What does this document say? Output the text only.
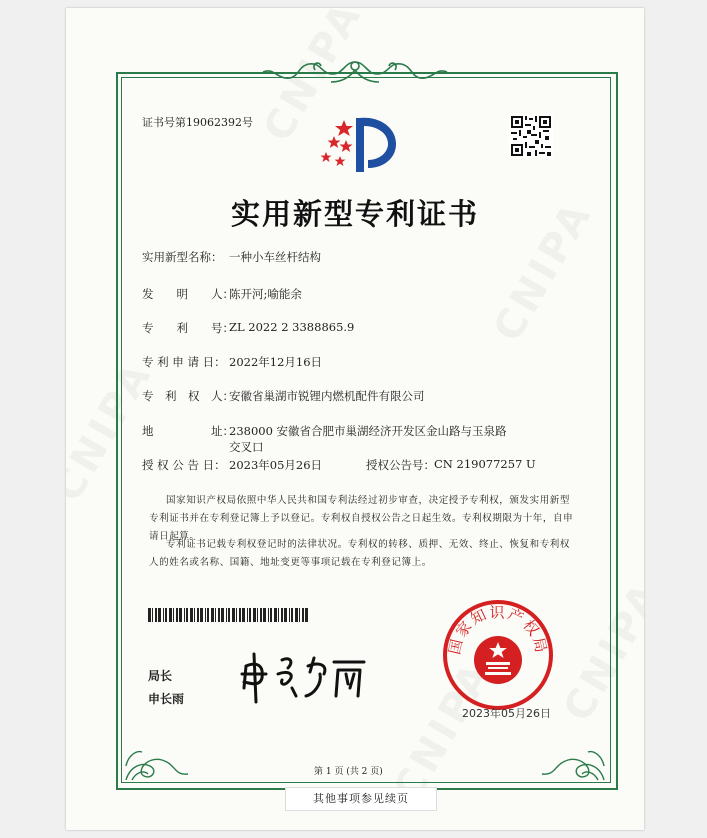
证书号第19062392号
实用新型专利证书
实用新型名称： 一种小车丝杆结构
发　　明　　人：
陈开河;喻能余
专　　利　　号：
ZL 2022 2 3388865.9
专 利 申 请 日： 2022年12月16日
专　利　权　人：
安徽省巢湖市锐锂内燃机配件有限公司
地　　　　　址：
238000 安徽省合肥市巢湖经济开发区金山路与玉泉路
交叉口
授 权 公 告 日： 2023年05月26日	授权公告号： CN 219077257 U
国家知识产权局依照中华人民共和国专利法经过初步审查，决定授予专利权，颁发实用新型
专利证书并在专利登记簿上予以登记。专利权自授权公告之日起生效。专利权期限为十年，自申
请日起算。
专利证书记载专利权登记时的法律状况。专利权的转移、质押、无效、终止、恢复和专利权
人的姓名或名称、国籍、地址变更等事项记载在专利登记簿上。
局长
申长雨
国家知识产权局
2023年05月26日
第 1 页 (共 2 页)
其他事项参见续页
